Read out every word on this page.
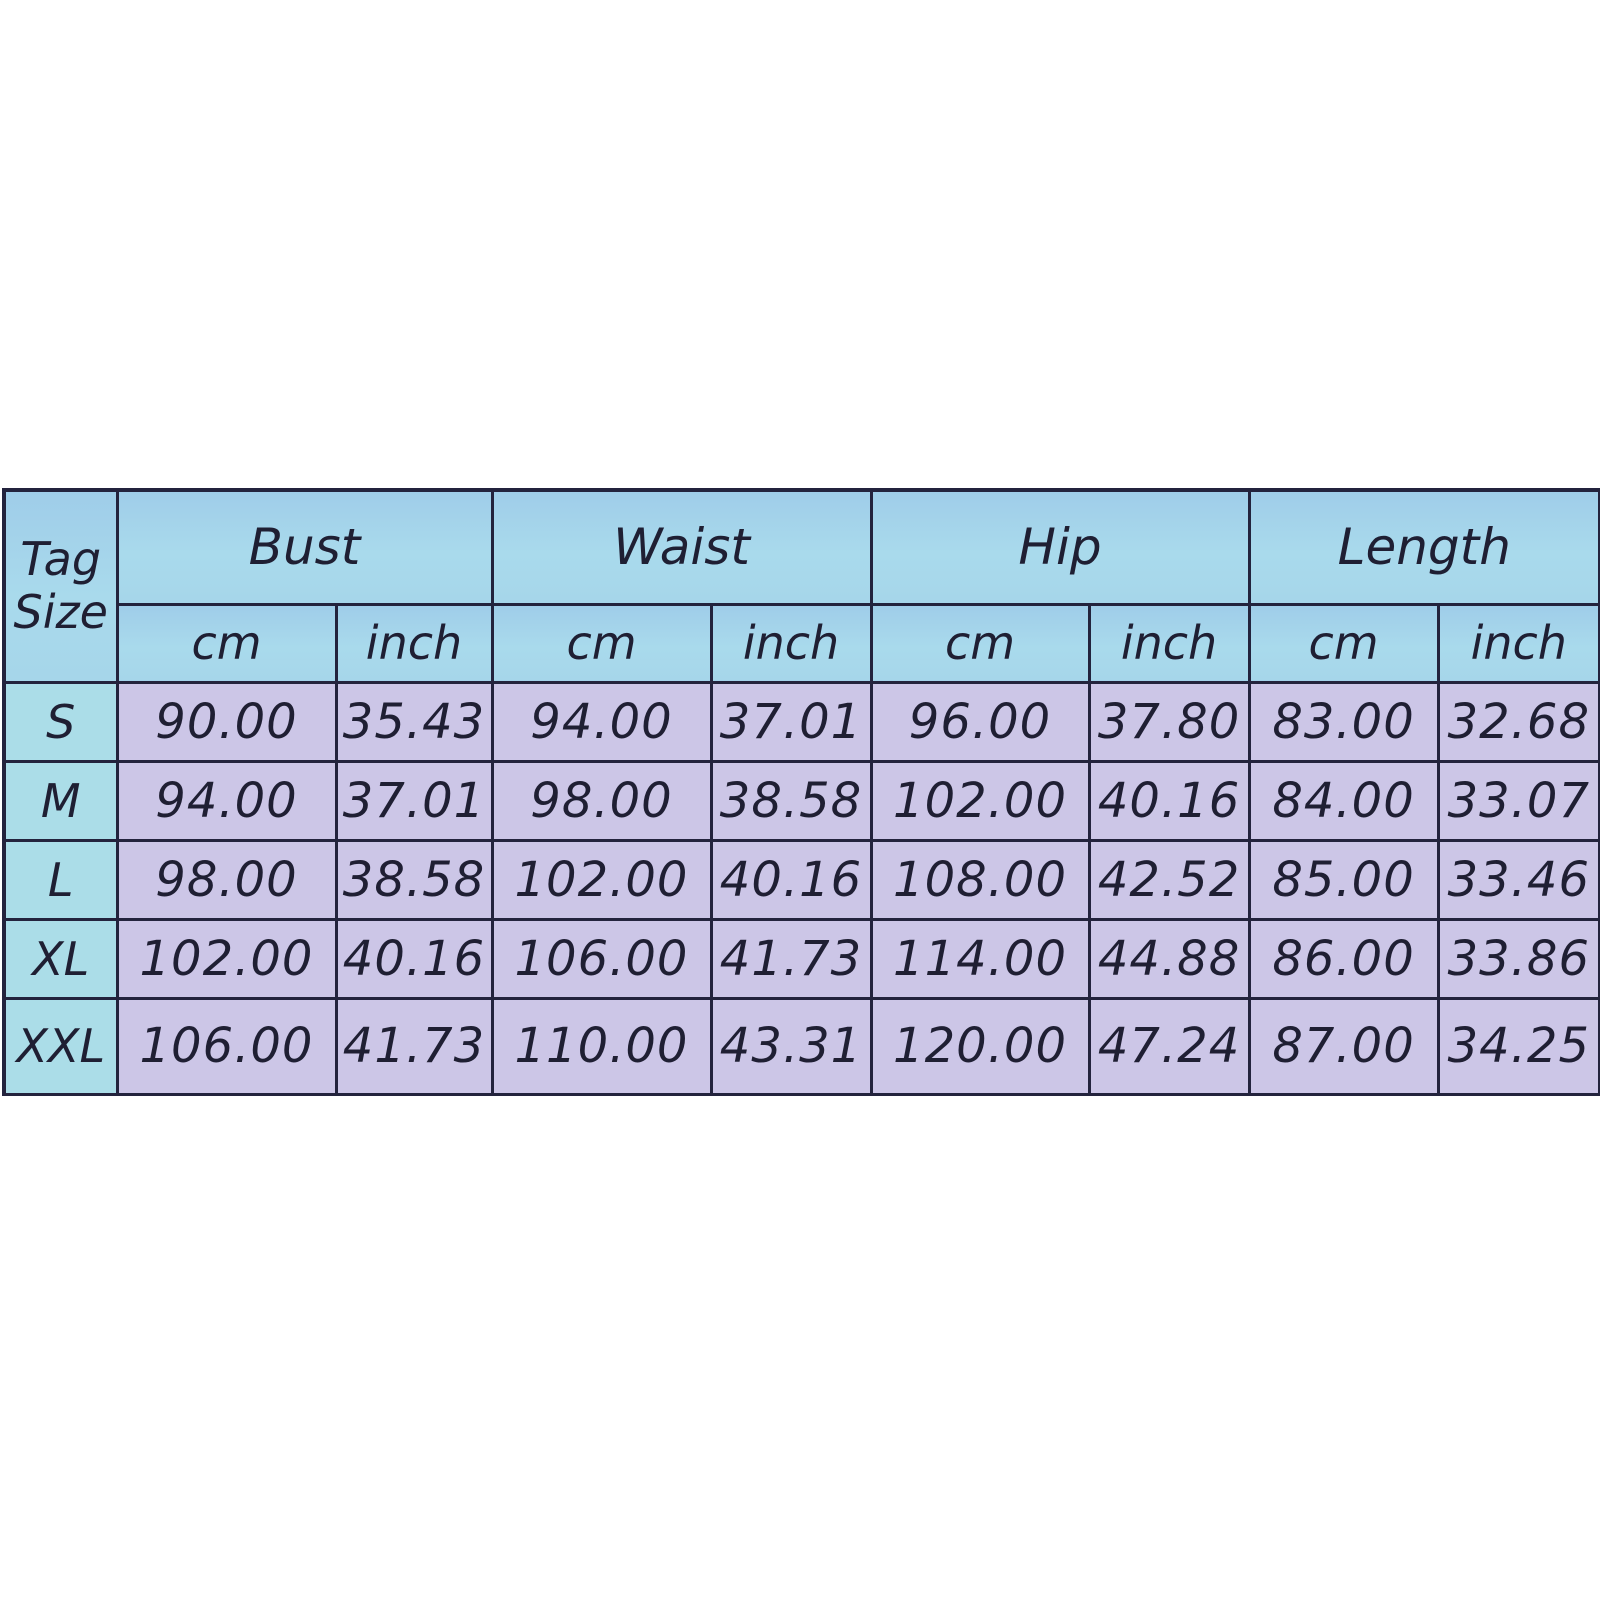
Tag
Size	Bust		Waist		Hip		Length	
	cm	inch	cm	inch	cm	inch	cm	inch
S	90.00	35.43	94.00	37.01	96.00	37.80	83.00	32.68
M	94.00	37.01	98.00	38.58	102.00	40.16	84.00	33.07
L	98.00	38.58	102.00	40.16	108.00	42.52	85.00	33.46
XL	102.00	40.16	106.00	41.73	114.00	44.88	86.00	33.86
XXL	106.00	41.73	110.00	43.31	120.00	47.24	87.00	34.25
